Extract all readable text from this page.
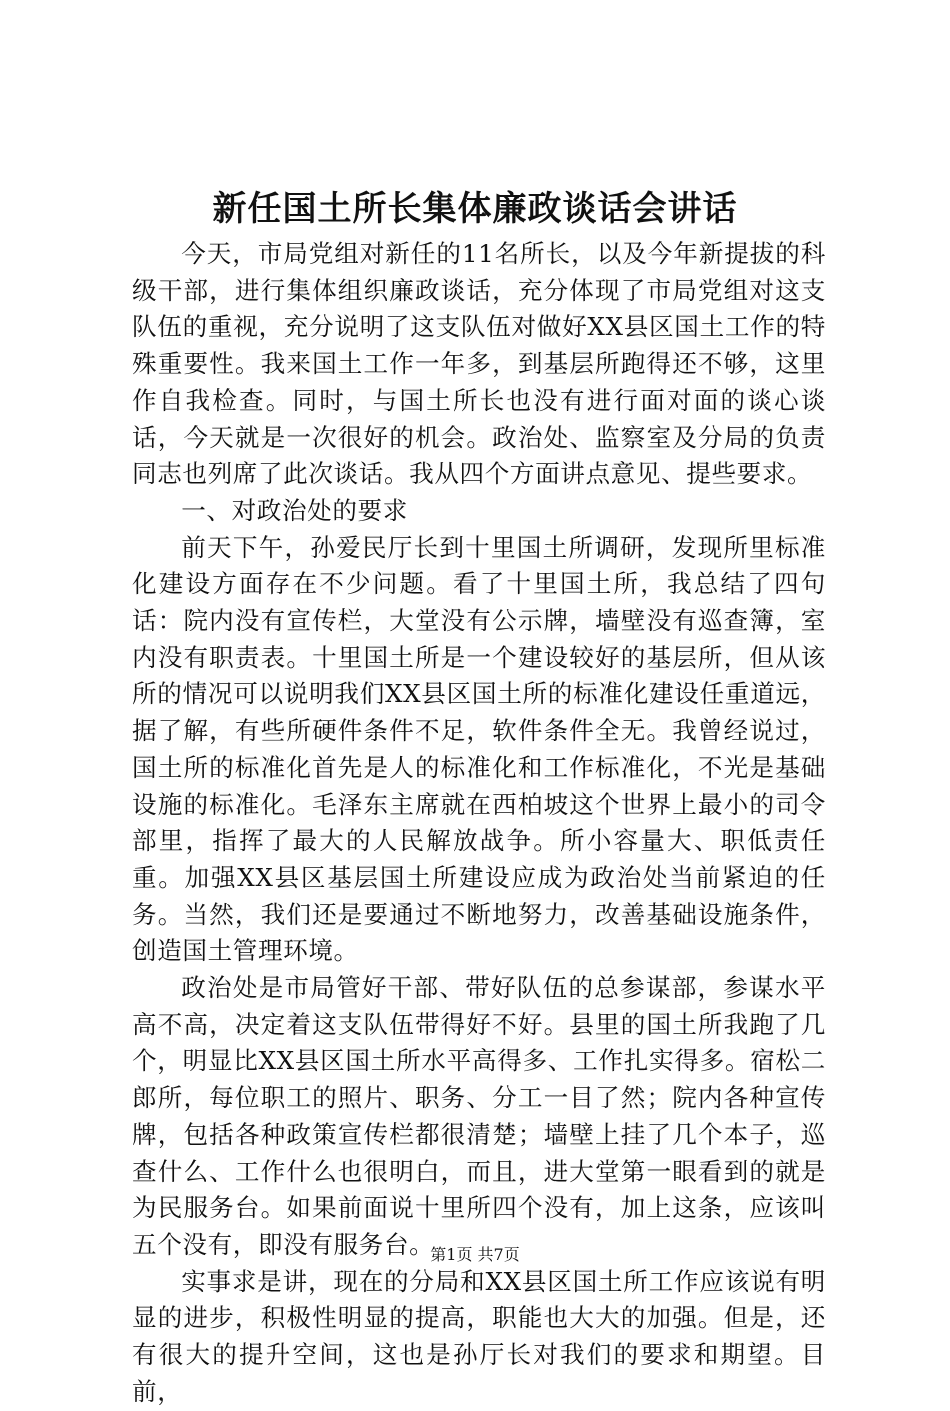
新任国土所长集体廉政谈话会讲话

今天，市局党组对新任的11名所长，以及今年新提拔的科级干部，进行集体组织廉政谈话，充分体现了市局党组对这支队伍的重视，充分说明了这支队伍对做好XX县区国土工作的特殊重要性。我来国土工作一年多，到基层所跑得还不够，这里作自我检查。同时，与国土所长也没有进行面对面的谈心谈话，今天就是一次很好的机会。政治处、监察室及分局的负责同志也列席了此次谈话。我从四个方面讲点意见、提些要求。

一、对政治处的要求

前天下午，孙爱民厅长到十里国土所调研，发现所里标准化建设方面存在不少问题。看了十里国土所，我总结了四句话：院内没有宣传栏，大堂没有公示牌，墙壁没有巡查簿，室内没有职责表。十里国土所是一个建设较好的基层所，但从该所的情况可以说明我们XX县区国土所的标准化建设任重道远，据了解，有些所硬件条件不足，软件条件全无。我曾经说过，国土所的标准化首先是人的标准化和工作标准化，不光是基础设施的标准化。毛泽东主席就在西柏坡这个世界上最小的司令部里，指挥了最大的人民解放战争。所小容量大、职低责任重。加强XX县区基层国土所建设应成为政治处当前紧迫的任务。当然，我们还是要通过不断地努力，改善基础设施条件，创造国土管理环境。

政治处是市局管好干部、带好队伍的总参谋部，参谋水平高不高，决定着这支队伍带得好不好。县里的国土所我跑了几个，明显比XX县区国土所水平高得多、工作扎实得多。宿松二郎所，每位职工的照片、职务、分工一目了然；院内各种宣传牌，包括各种政策宣传栏都很清楚；墙壁上挂了几个本子，巡查什么、工作什么也很明白，而且，进大堂第一眼看到的就是为民服务台。如果前面说十里所四个没有，加上这条，应该叫五个没有，即没有服务台。

实事求是讲，现在的分局和XX县区国土所工作应该说有明显的进步，积极性明显的提高，职能也大大的加强。但是，还有很大的提升空间，这也是孙厅长对我们的要求和期望。目前，

第1页 共7页
